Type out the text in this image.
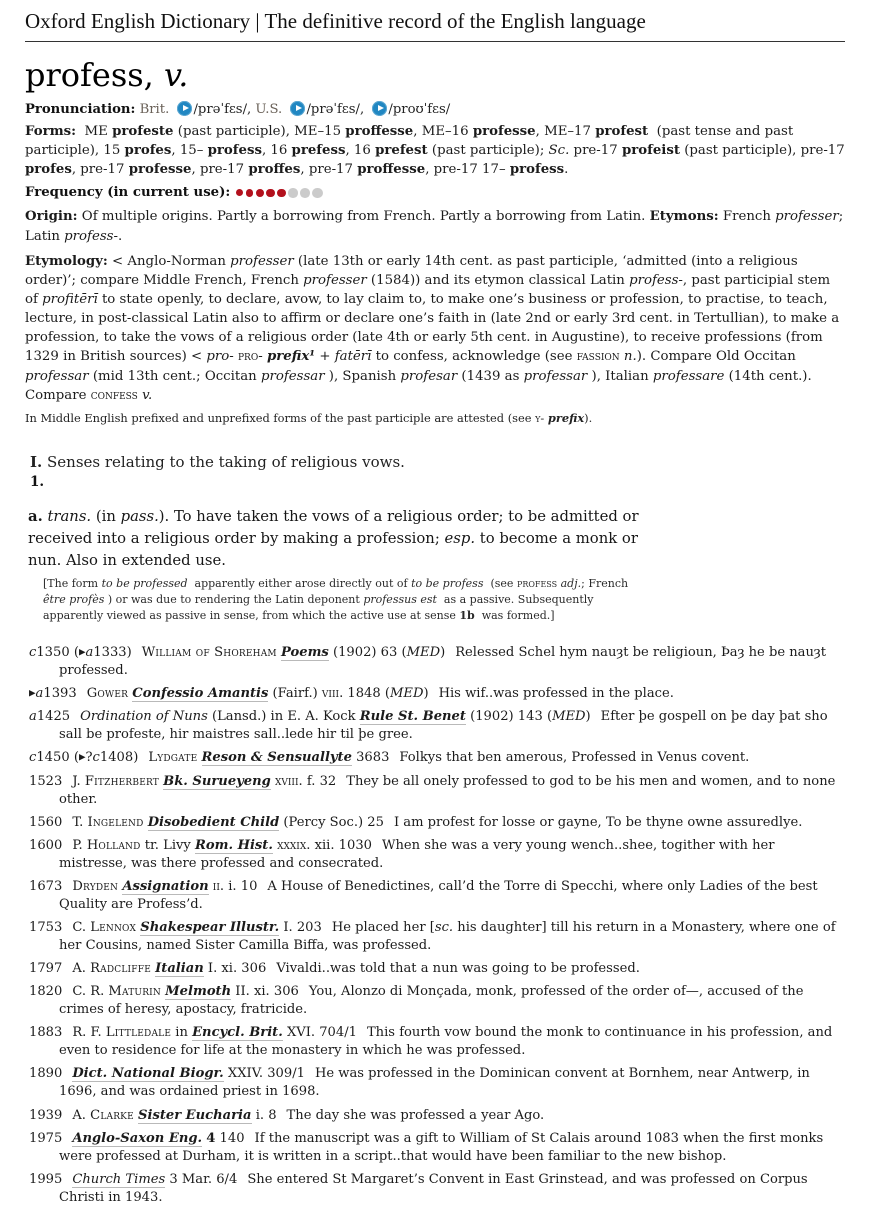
Oxford English Dictionary | The definitive record of the English language
profess, v.
Pronunciation: Brit. /prəˈfɛs/, U.S. /prəˈfɛs/, /proʊˈfɛs/

Forms:  ME profeste (past participle), ME–15 proffesse, ME–16 professe, ME–17 profest  (past tense and past participle), 15 profes, 15– profess, 16 prefess, 16 prefest (past participle); Sc. pre-17 profeist (past participle), pre-17 profes, pre-17 professe, pre-17 proffes, pre-17 proffesse, pre-17 17– profess.

Frequency (in current use):

Origin: Of multiple origins. Partly a borrowing from French. Partly a borrowing from Latin. Etymons: French professer; Latin profess-.

Etymology: < Anglo-Norman professer (late 13th or early 14th cent. as past participle, ‘admitted (into a religious order)’; compare Middle French, French professer (1584)) and its etymon classical Latin profess-, past participial stem of profitērī to state openly, to declare, avow, to lay claim to, to make one’s business or profession, to practise, to teach, lecture, in post-classical Latin also to affirm or declare one’s faith in (late 2nd or early 3rd cent. in Tertullian), to make a profession, to take the vows of a religious order (late 4th or early 5th cent. in Augustine), to receive professions (from 1329 in British sources) < pro- pro- prefix¹ + fatērī to confess, acknowledge (see fassion n.). Compare Old Occitan professar (mid 13th cent.; Occitan professar ), Spanish profesar (1439 as professar ), Italian professare (14th cent.). Compare confess v.

In Middle English prefixed and unprefixed forms of the past participle are attested (see y- prefix).

I. Senses relating to the taking of religious vows.
1.

a. trans. (in pass.). To have taken the vows of a religious order; to be admitted or received into a religious order by making a profession; esp. to become a monk or nun. Also in extended use.

[The form to be professed  apparently either arose directly out of to be profess  (see profess adj.; French être profès ) or was due to rendering the Latin deponent professus est  as a passive. Subsequently apparently viewed as passive in sense, from which the active use at sense 1b  was formed.]

c1350 (▶a1333) William of Shoreham Poems (1902) 63 (MED) Relessed Schel hym nauȝt be religioun, Þaȝ he be nauȝt professed.
▶a1393 Gower Confessio Amantis (Fairf.) viii. 1848 (MED) His wif..was professed in the place.
a1425 Ordination of Nuns (Lansd.) in E. A. Kock Rule St. Benet (1902) 143 (MED) Efter þe gospell on þe day þat sho sall be profeste, hir maistres sall..lede hir til þe gree.
c1450 (▶?c1408) Lydgate Reson & Sensuallyte 3683 Folkys that ben amerous, Professed in Venus covent.
1523 J. Fitzherbert Bk. Surueyeng xviii. f. 32 They be all onely professed to god to be his men and women, and to none other.
1560 T. Ingelend Disobedient Child (Percy Soc.) 25 I am profest for losse or gayne, To be thyne owne assuredlye.
1600 P. Holland tr. Livy Rom. Hist. xxxix. xii. 1030 When she was a very young wench..shee, togither with her mistresse, was there professed and consecrated.
1673 Dryden Assignation ii. i. 10 A House of Benedictines, call’d the Torre di Specchi, where only Ladies of the best Quality are Profess’d.
1753 C. Lennox Shakespear Illustr. I. 203 He placed her [sc. his daughter] till his return in a Monastery, where one of her Cousins, named Sister Camilla Biffa, was professed.
1797 A. Radcliffe Italian I. xi. 306 Vivaldi..was told that a nun was going to be professed.
1820 C. R. Maturin Melmoth II. xi. 306 You, Alonzo di Monçada, monk, professed of the order of—, accused of the crimes of heresy, apostacy, fratricide.
1883 R. F. Littledale in Encycl. Brit. XVI. 704/1 This fourth vow bound the monk to continuance in his profession, and even to residence for life at the monastery in which he was professed.
1890 Dict. National Biogr. XXIV. 309/1 He was professed in the Dominican convent at Bornhem, near Antwerp, in 1696, and was ordained priest in 1698.
1939 A. Clarke Sister Eucharia i. 8 The day she was professed a year Ago.
1975 Anglo-Saxon Eng. 4 140 If the manuscript was a gift to William of St Calais around 1083 when the first monks were professed at Durham, it is written in a script..that would have been familiar to the new bishop.
1995 Church Times 3 Mar. 6/4 She entered St Margaret’s Convent in East Grinstead, and was professed on Corpus Christi in 1943.
